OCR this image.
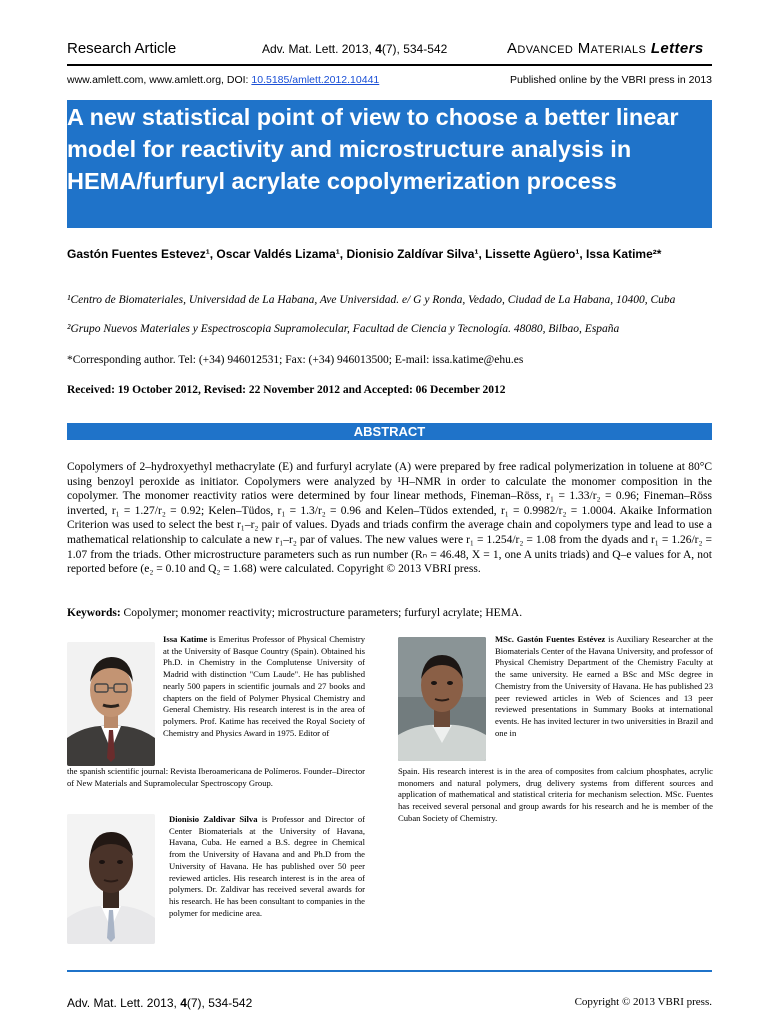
Research Article	Adv. Mat. Lett. 2013, 4(7), 534-542	ADVANCED MATERIALS Letters
www.amlett.com, www.amlett.org, DOI: 10.5185/amlett.2012.10441	Published online by the VBRI press in 2013
A new statistical point of view to choose a better linear model for reactivity and microstructure analysis in HEMA/furfuryl acrylate copolymerization process
Gastón Fuentes Estevez¹, Oscar Valdés Lizama¹, Dionisio Zaldívar Silva¹, Lissette Agüero¹, Issa Katime²*
¹Centro de Biomateriales, Universidad de La Habana, Ave Universidad. e/ G y Ronda, Vedado, Ciudad de La Habana, 10400, Cuba
²Grupo Nuevos Materiales y Espectroscopia Supramolecular, Facultad de Ciencia y Tecnología. 48080, Bilbao, España
*Corresponding author. Tel: (+34) 946012531; Fax: (+34) 946013500; E-mail: issa.katime@ehu.es
Received: 19 October 2012, Revised: 22 November 2012 and Accepted: 06 December 2012
ABSTRACT
Copolymers of 2–hydroxyethyl methacrylate (E) and furfuryl acrylate (A) were prepared by free radical polymerization in toluene at 80°C using benzoyl peroxide as initiator. Copolymers were analyzed by ¹H–NMR in order to calculate the monomer composition in the copolymer. The monomer reactivity ratios were determined by four linear methods, Fineman–Röss, r₁ = 1.33/r₂ = 0.96; Fineman–Röss inverted, r₁ = 1.27/r₂ = 0.92; Kelen–Tüdos, r₁ = 1.3/r₂ = 0.96 and Kelen–Tüdos extended, r₁ = 0.9982/r₂ = 1.0004. Akaike Information Criterion was used to select the best r₁–r₂ pair of values. Dyads and triads confirm the average chain and copolymers type and lead to use a mathematical relationship to calculate a new r₁–r₂ par of values. The new values were r₁ = 1.254/r₂ = 1.08 from the dyads and r₁ = 1.26/r₂ = 1.07 from the triads. Other microstructure parameters such as run number (Rₙ = 46.48, X = 1, one A units triads) and Q–e values for A, not reported before (e₂ = 0.10 and Q₂ = 1.68) were calculated. Copyright © 2013 VBRI press.
Keywords: Copolymer; monomer reactivity; microstructure parameters; furfuryl acrylate; HEMA.
Issa Katime is Emeritus Professor of Physical Chemistry at the University of Basque Country (Spain). Obtained his Ph.D. in Chemistry in the Complutense University of Madrid with distinction "Cum Laude". He has published nearly 500 papers in scientific journals and 27 books and chapters on the field of Polymer Physical Chemistry and General Chemistry. His research interest is in the area of polymers. Prof. Katime has received the Royal Society of Chemistry and Physics Award in 1975. Editor of
the spanish scientific journal: Revista Iberoamericana de Polímeros. Founder–Director of New Materials and Supramolecular Spectroscopy Group.
Dionisio Zaldivar Silva is Professor and Director of Center Biomaterials at the University of Havana, Havana, Cuba. He earned a B.S. degree in Chemical from the University of Havana and and Ph.D from the University of Havana. He has published over 50 peer reviewed articles. His research interest is in the area of polymers. Dr. Zaldivar has received several awards for his research. He has been consultant to companies in the polymer for medicine area.
MSc. Gastón Fuentes Estévez is Auxiliary Researcher at the Biomaterials Center of the Havana University, and professor of Physical Chemistry Department of the Chemistry Faculty at the same university. He earned a BSc and MSc degree in Chemistry from the University of Havana. He has published 23 peer reviewed articles in Web of Sciences and 13 peer reviewed presentations in Summary Books at international events. He has invited lecturer in two universities in Brazil and one in
Spain. His research interest is in the area of composites from calcium phosphates, acrylic monomers and natural polymers, drug delivery systems from different sources and application of mathematical and statistical criteria for mechanism selection. MSc. Fuentes has received several personal and group awards for his research and he is member of the Cuban Society of Chemistry.
Adv. Mat. Lett. 2013, 4(7), 534-542	Copyright © 2013 VBRI press.
